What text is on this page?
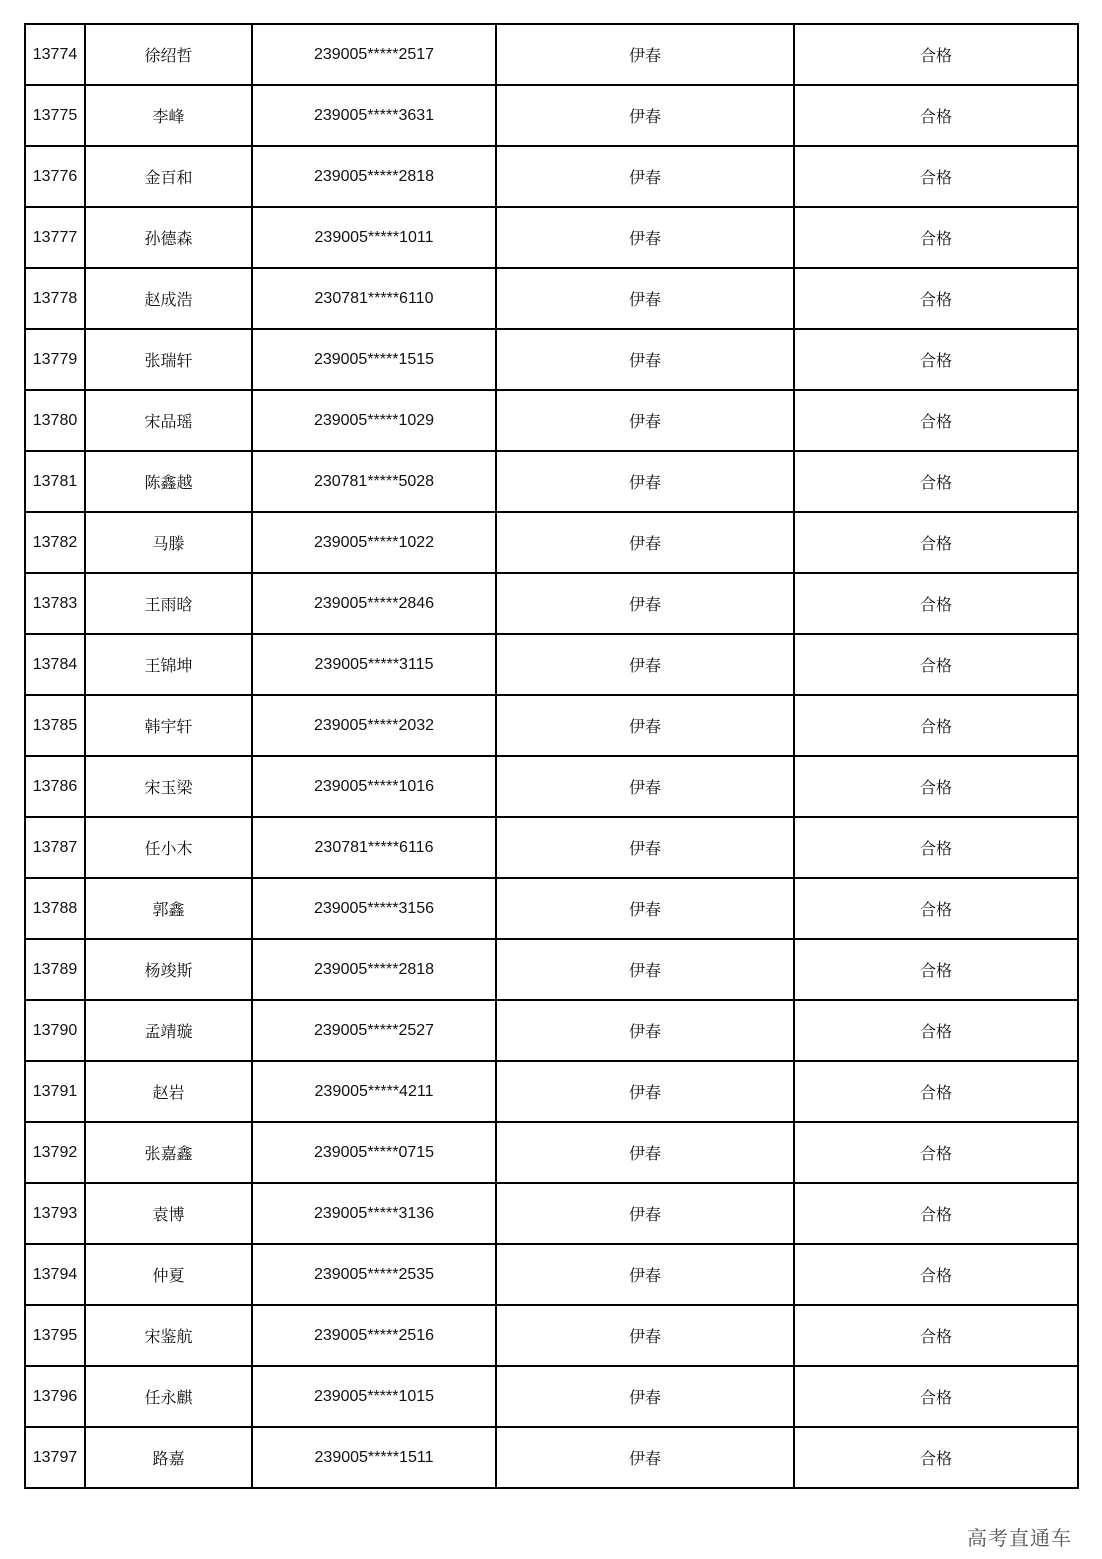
13774	徐绍哲	239005*****2517	伊春	合格
13775	李峰	239005*****3631	伊春	合格
13776	金百和	239005*****2818	伊春	合格
13777	孙德森	239005*****1011	伊春	合格
13778	赵成浩	230781*****6110	伊春	合格
13779	张瑞轩	239005*****1515	伊春	合格
13780	宋品瑶	239005*****1029	伊春	合格
13781	陈鑫越	230781*****5028	伊春	合格
13782	马滕	239005*****1022	伊春	合格
13783	王雨晗	239005*****2846	伊春	合格
13784	王锦坤	239005*****3115	伊春	合格
13785	韩宇轩	239005*****2032	伊春	合格
13786	宋玉梁	239005*****1016	伊春	合格
13787	任小木	230781*****6116	伊春	合格
13788	郭鑫	239005*****3156	伊春	合格
13789	杨竣斯	239005*****2818	伊春	合格
13790	孟靖璇	239005*****2527	伊春	合格
13791	赵岩	239005*****4211	伊春	合格
13792	张嘉鑫	239005*****0715	伊春	合格
13793	袁博	239005*****3136	伊春	合格
13794	仲夏	239005*****2535	伊春	合格
13795	宋鉴航	239005*****2516	伊春	合格
13796	任永麒	239005*****1015	伊春	合格
13797	路嘉	239005*****1511	伊春	合格
高考直通车
